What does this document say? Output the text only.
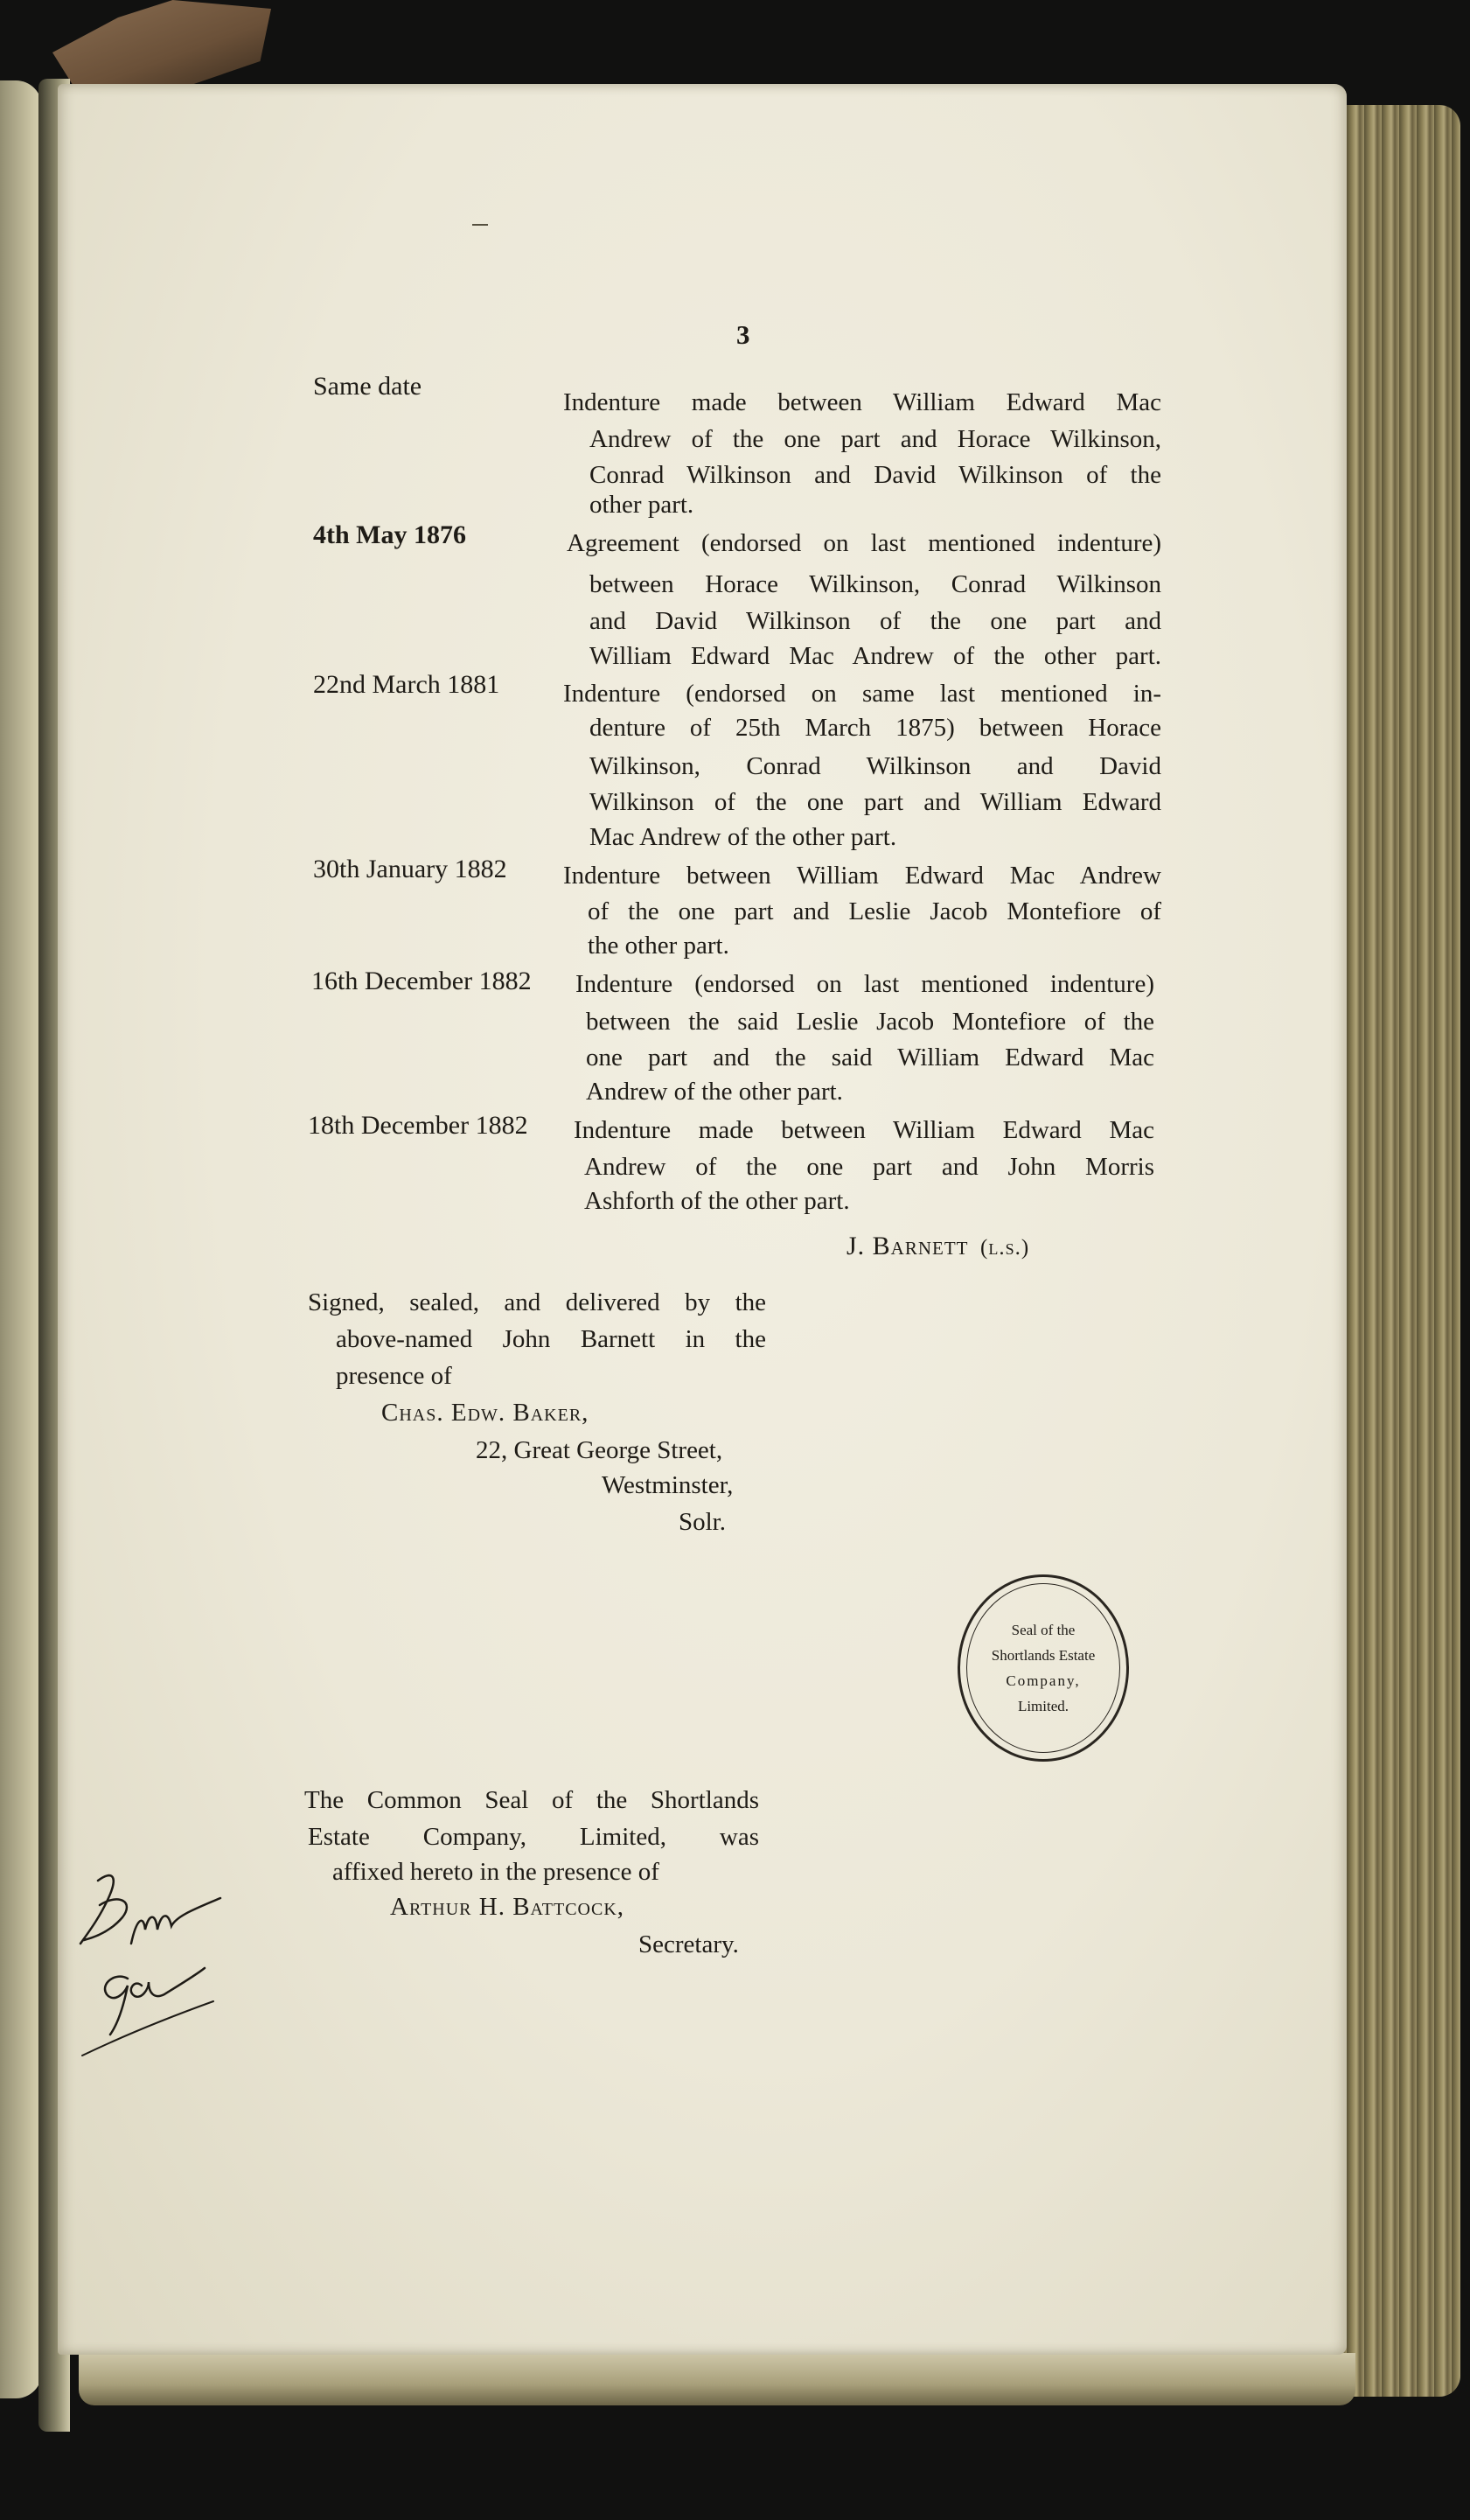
3
Same date
Indenture made between William Edward Mac
Andrew of the one part and Horace Wilkinson,
Conrad Wilkinson and David Wilkinson of the
other part.
4th May 1876	Agreement (endorsed on last mentioned indenture)
between Horace Wilkinson, Conrad Wilkinson
and David Wilkinson of the one part and
William Edward Mac Andrew of the other part.
22nd March 1881	Indenture (endorsed on same last mentioned in-
denture of 25th March 1875) between Horace
Wilkinson, Conrad Wilkinson and David
Wilkinson of the one part and William Edward
Mac Andrew of the other part.
30th January 1882 Indenture between William Edward Mac Andrew
of the one part and Leslie Jacob Montefiore of
the other part.
16th December 1882 Indenture (endorsed on last mentioned indenture)
between the said Leslie Jacob Montefiore of the
one part and the said William Edward Mac
Andrew of the other part.
18th December 1882 Indenture made between William Edward Mac
Andrew of the one part and John Morris
Ashforth of the other part.
J. Barnett (l.s.)
Signed, sealed, and delivered by the
above-named John Barnett in the
presence of
Chas. Edw. Baker,
22, Great George Street,
Westminster,
Solr.
Seal of the
Shortlands Estate
Company,
Limited.
The Common Seal of the Shortlands
Estate Company, Limited, was
affixed hereto in the presence of
Arthur H. Battcock,
Secretary.
